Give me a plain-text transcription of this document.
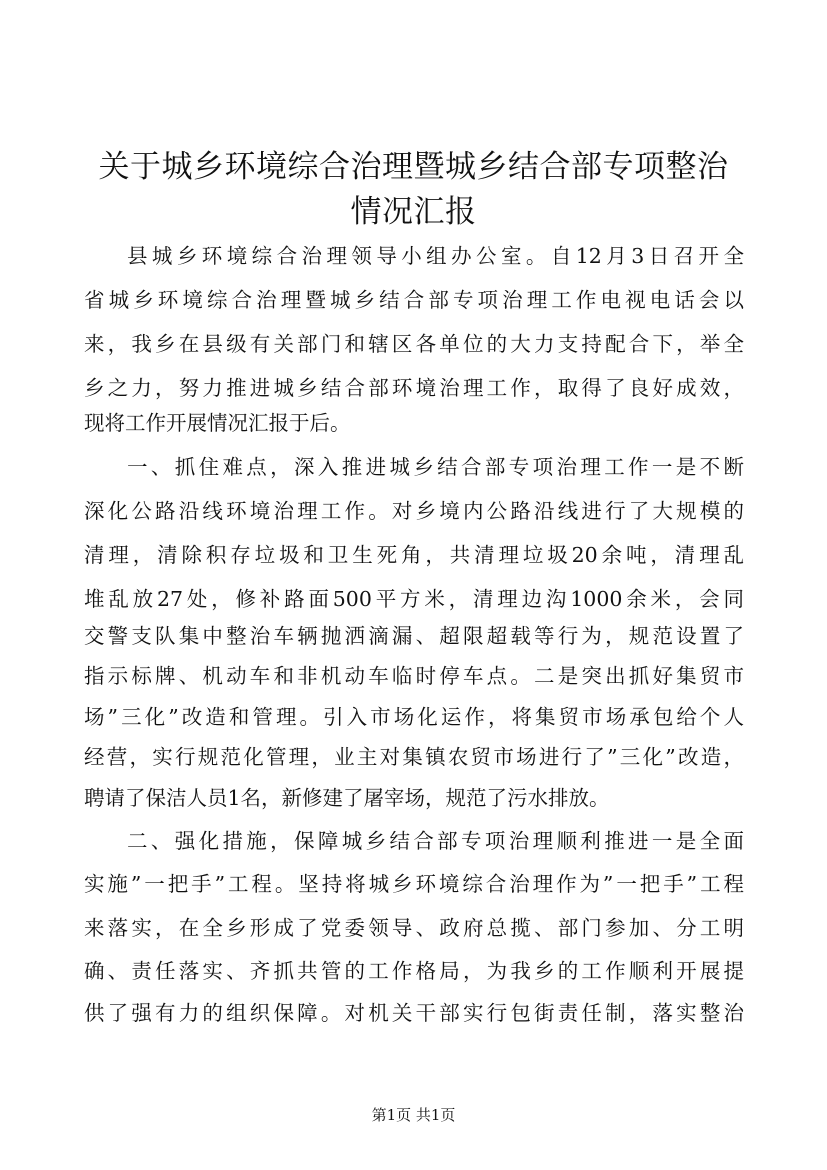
关于城乡环境综合治理暨城乡结合部专项整治
情况汇报
县城乡环境综合治理领导小组办公室。自12月3日召开全
省城乡环境综合治理暨城乡结合部专项治理工作电视电话会以
来，我乡在县级有关部门和辖区各单位的大力支持配合下，举全
乡之力，努力推进城乡结合部环境治理工作，取得了良好成效，
现将工作开展情况汇报于后。
一、抓住难点，深入推进城乡结合部专项治理工作一是不断
深化公路沿线环境治理工作。对乡境内公路沿线进行了大规模的
清理，清除积存垃圾和卫生死角，共清理垃圾20余吨，清理乱
堆乱放27处，修补路面500平方米，清理边沟1000余米，会同
交警支队集中整治车辆抛洒滴漏、超限超载等行为，规范设置了
指示标牌、机动车和非机动车临时停车点。二是突出抓好集贸市
场”三化”改造和管理。引入市场化运作，将集贸市场承包给个人
经营，实行规范化管理，业主对集镇农贸市场进行了”三化”改造，
聘请了保洁人员1名，新修建了屠宰场，规范了污水排放。
二、强化措施，保障城乡结合部专项治理顺利推进一是全面
实施”一把手”工程。坚持将城乡环境综合治理作为”一把手”工程
来落实，在全乡形成了党委领导、政府总揽、部门参加、分工明
确、责任落实、齐抓共管的工作格局，为我乡的工作顺利开展提
供了强有力的组织保障。对机关干部实行包街责任制，落实整治
第1页 共1页
